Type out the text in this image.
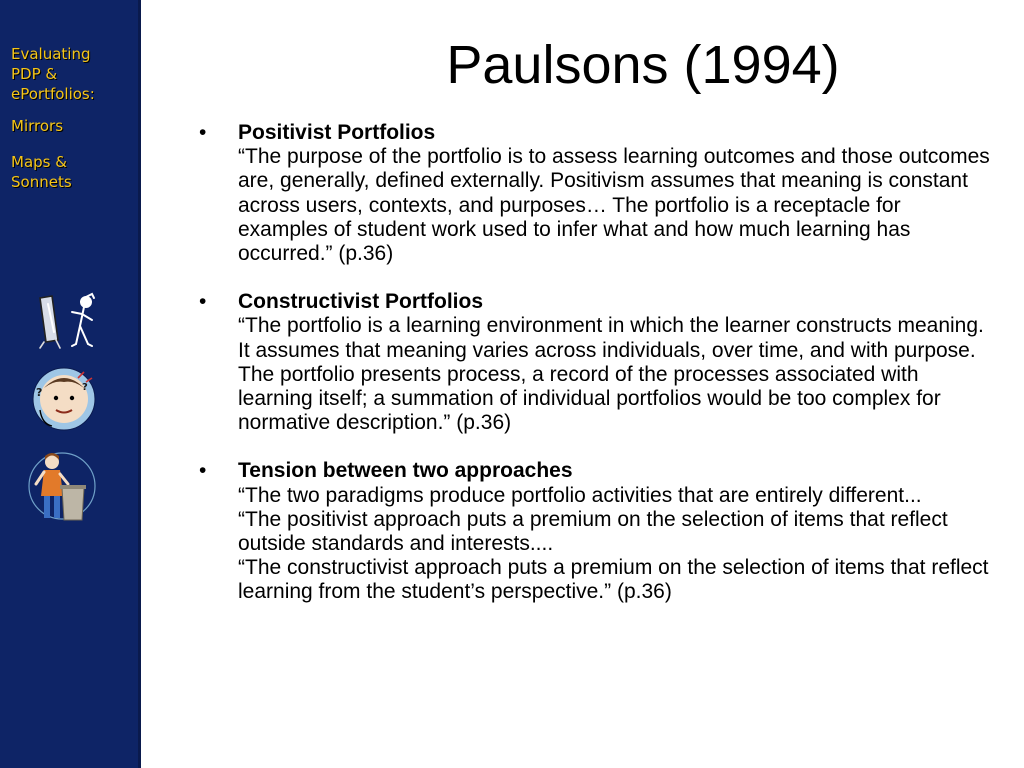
Evaluating
PDP &
ePortfolios:
Mirrors
Maps &
Sonnets
?	?
Paulsons (1994)
•	Positivist Portfolios
“The purpose of the portfolio is to assess learning outcomes and those outcomes are, generally, defined externally. Positivism assumes that meaning is constant across users, contexts, and purposes… The portfolio is a receptacle for examples of student work used to infer what and how much learning has occurred.” (p.36)
•	Constructivist Portfolios
“The portfolio is a learning environment in which the learner constructs meaning. It assumes that meaning varies across individuals, over time, and with purpose. The portfolio presents process, a record of the processes associated with learning itself; a summation of individual portfolios would be too complex for normative description.” (p.36)
•	Tension between two approaches
“The two paradigms produce portfolio activities that are entirely different...
“The positivist approach puts a premium on the selection of items that reflect outside standards and interests....
“The constructivist approach puts a premium on the selection of items that reflect learning from the student’s perspective.” (p.36)
